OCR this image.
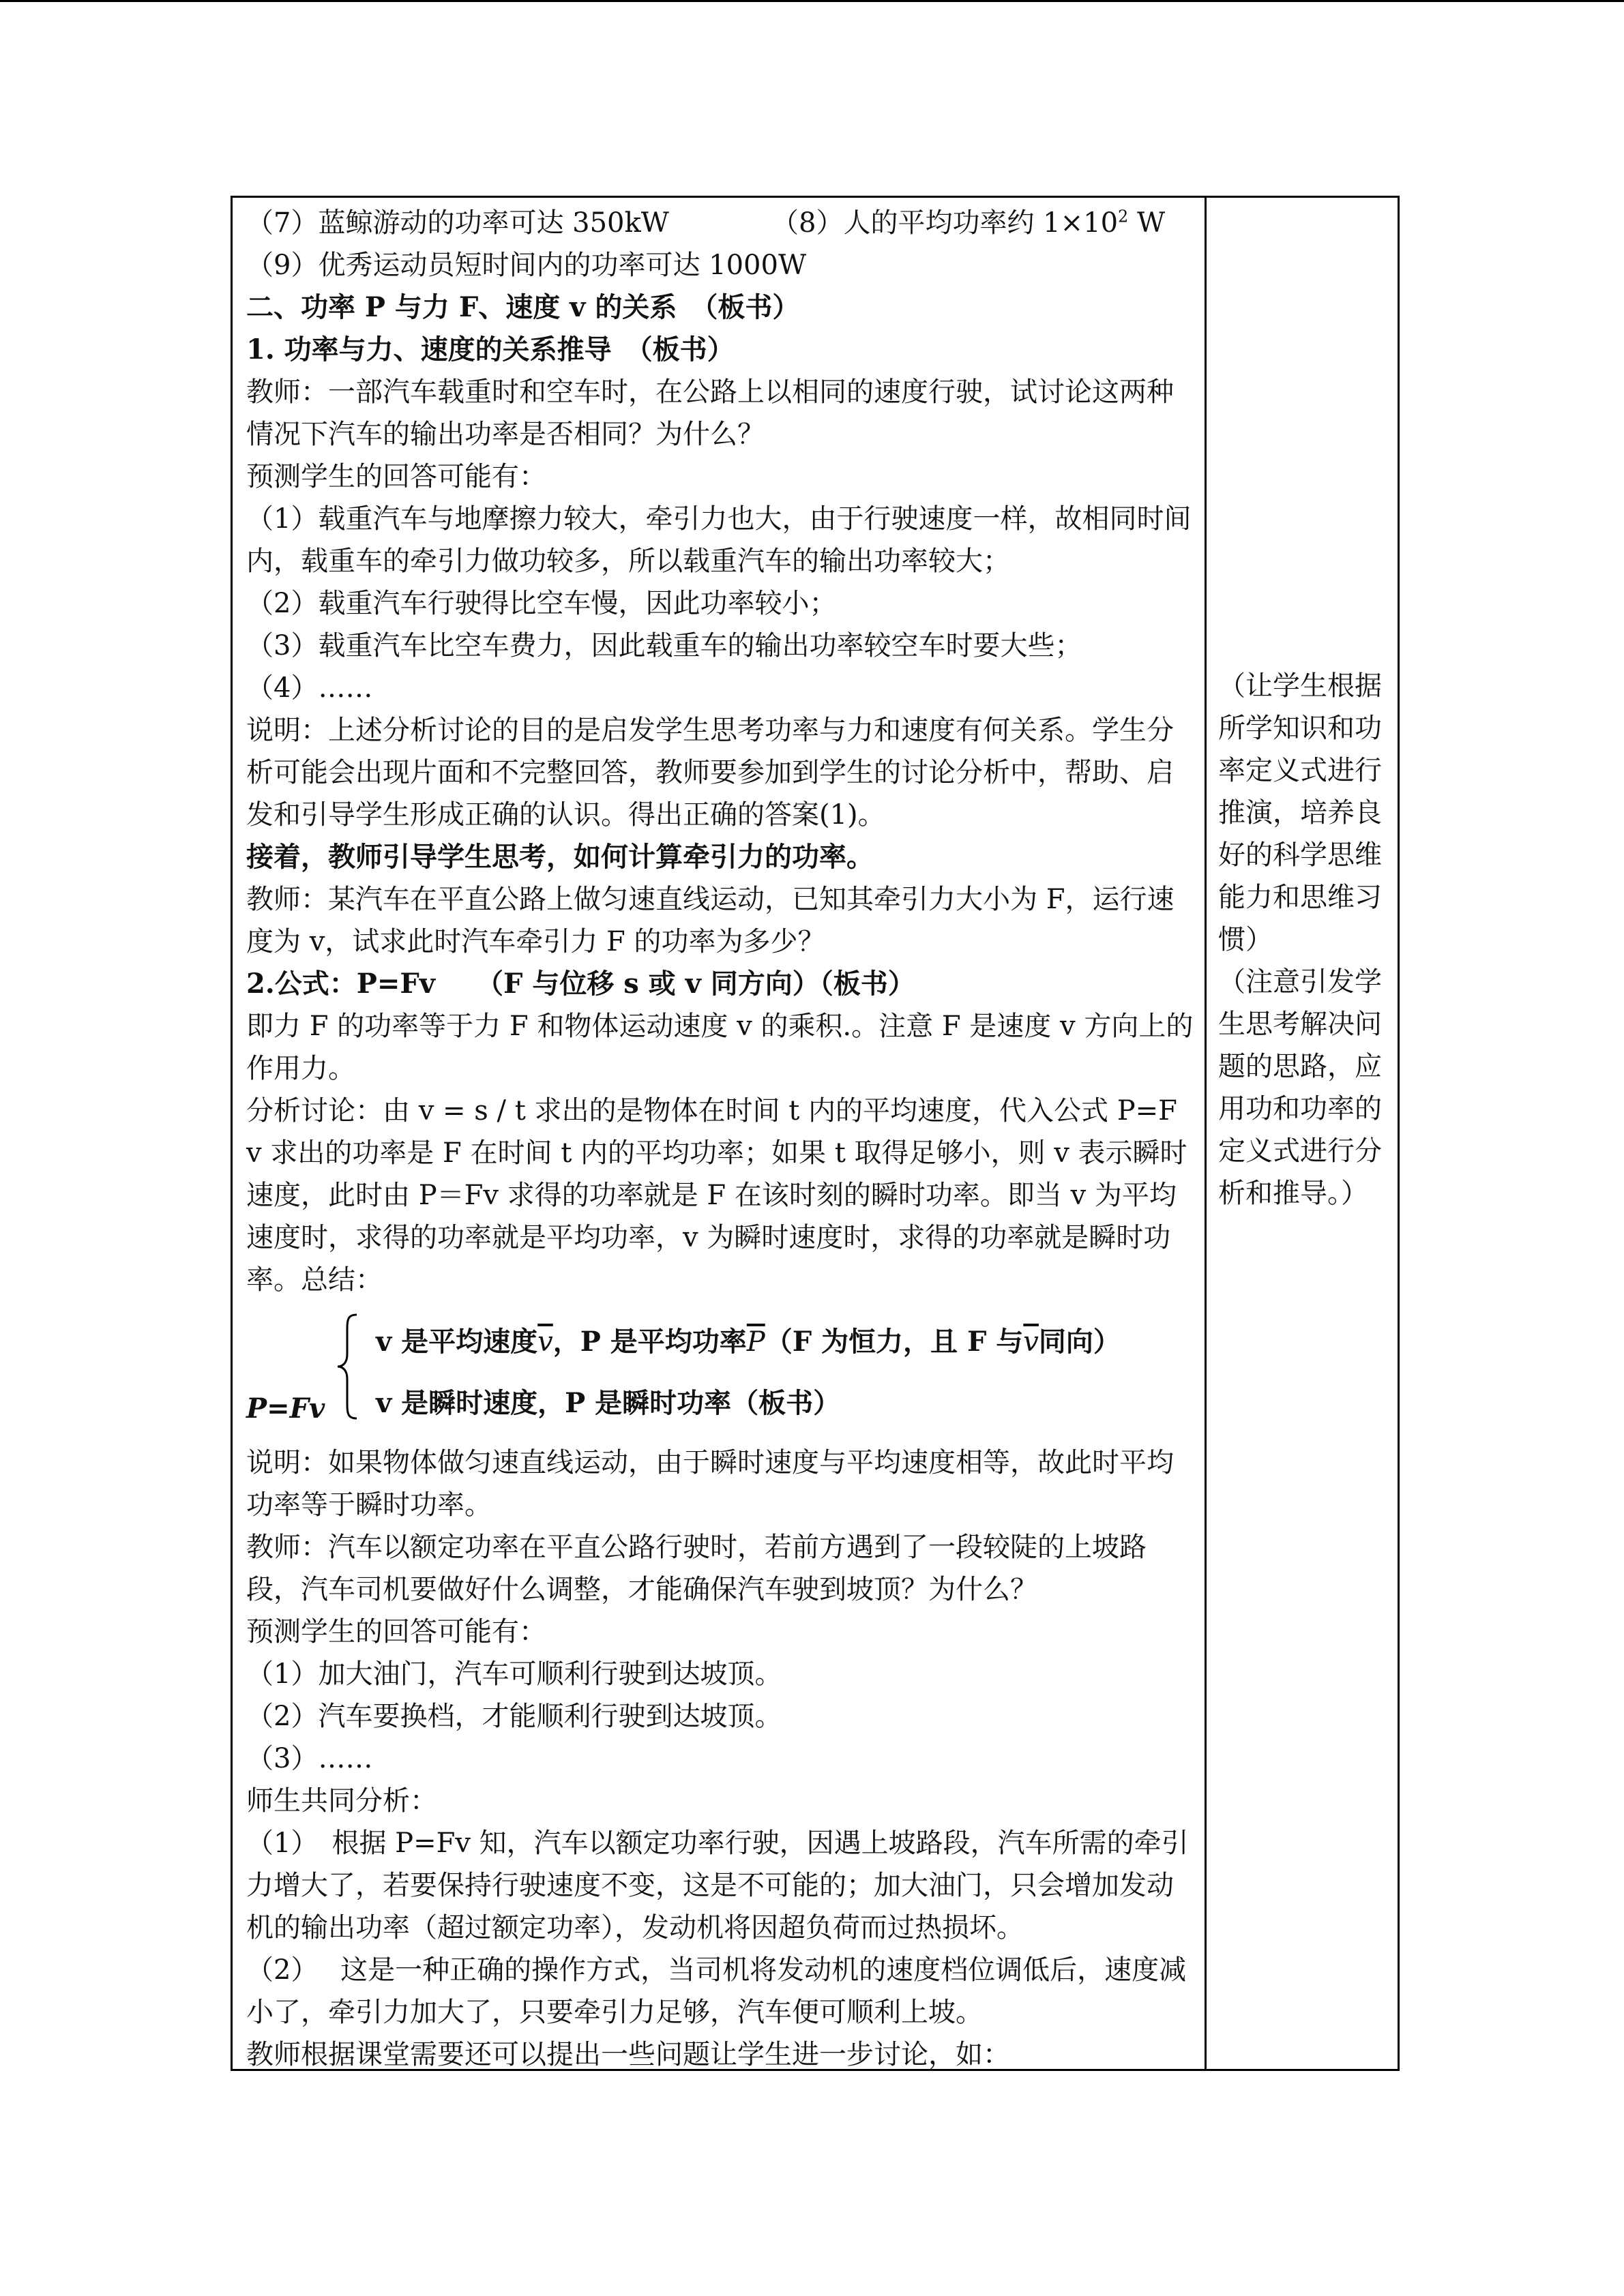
（7）蓝鲸游动的功率可达 350kW	（8）人的平均功率约 $1\times 10^2$ W
（9）优秀运动员短时间内的功率可达 1000W
二、功率 P 与力 F、速度 v 的关系　（板书）
1. 功率与力、速度的关系推导　（板书）
教师：一部汽车载重时和空车时，在公路上以相同的速度行驶，试讨论这两种情况下汽车的输出功率是否相同？为什么？
预测学生的回答可能有：
（1）载重汽车与地摩擦力较大，牵引力也大，由于行驶速度一样，故相同时间内，载重车的牵引力做功较多，所以载重汽车的输出功率较大；
（2）载重汽车行驶得比空车慢，因此功率较小；
（3）载重汽车比空车费力，因此载重车的输出功率较空车时要大些；
（4）……
说明：上述分析讨论的目的是启发学生思考功率与力和速度有何关系。学生分析可能会出现片面和不完整回答，教师要参加到学生的讨论分析中，帮助、启发和引导学生形成正确的认识。得出正确的答案(1)。
接着，教师引导学生思考，如何计算牵引力的功率。
教师：某汽车在平直公路上做匀速直线运动，已知其牵引力大小为 F，运行速度为 v，试求此时汽车牵引力 F 的功率为多少？
2.公式：P=Fv　　（F 与位移 s 或 v 同方向）（板书）
即力 F 的功率等于力 F 和物体运动速度 v 的乘积.。注意 F 是速度 v 方向上的作用力。
分析讨论：由 v = s / t 求出的是物体在时间 t 内的平均速度，代入公式 P=F v 求出的功率是 F 在时间 t 内的平均功率；如果 t 取得足够小，则 v 表示瞬时速度，此时由 P＝Fv 求得的功率就是 F 在该时刻的瞬时功率。即当 v 为平均速度时，求得的功率就是平均功率，v 为瞬时速度时，求得的功率就是瞬时功率。总结：
P=Fv
v 是平均速度$\overline{v}$，P 是平均功率$\overline{P}(F$ 为恒力，且 F 与$\overline{v}$同向）
v 是瞬时速度，P 是瞬时功率（板书）
说明：如果物体做匀速直线运动，由于瞬时速度与平均速度相等，故此时平均功率等于瞬时功率。
教师：汽车以额定功率在平直公路行驶时，若前方遇到了一段较陡的上坡路段，汽车司机要做好什么调整，才能确保汽车驶到坡顶？为什么？
预测学生的回答可能有：
（1）加大油门，汽车可顺利行驶到达坡顶。
（2）汽车要换档，才能顺利行驶到达坡顶。
（3）……
师生共同分析：
（1）　根据 P=Fv 知，汽车以额定功率行驶，因遇上坡路段，汽车所需的牵引力增大了，若要保持行驶速度不变，这是不可能的；加大油门，只会增加发动机的输出功率（超过额定功率），发动机将因超负荷而过热损坏。
（2）　 这是一种正确的操作方式，当司机将发动机的速度档位调低后，速度减小了，牵引力加大了，只要牵引力足够，汽车便可顺利上坡。
教师根据课堂需要还可以提出一些问题让学生进一步讨论，如：
（让学生根据所学知识和功率定义式进行推演，培养良好的科学思维能力和思维习惯）
（注意引发学生思考解决问题的思路，应用功和功率的定义式进行分析和推导。）
